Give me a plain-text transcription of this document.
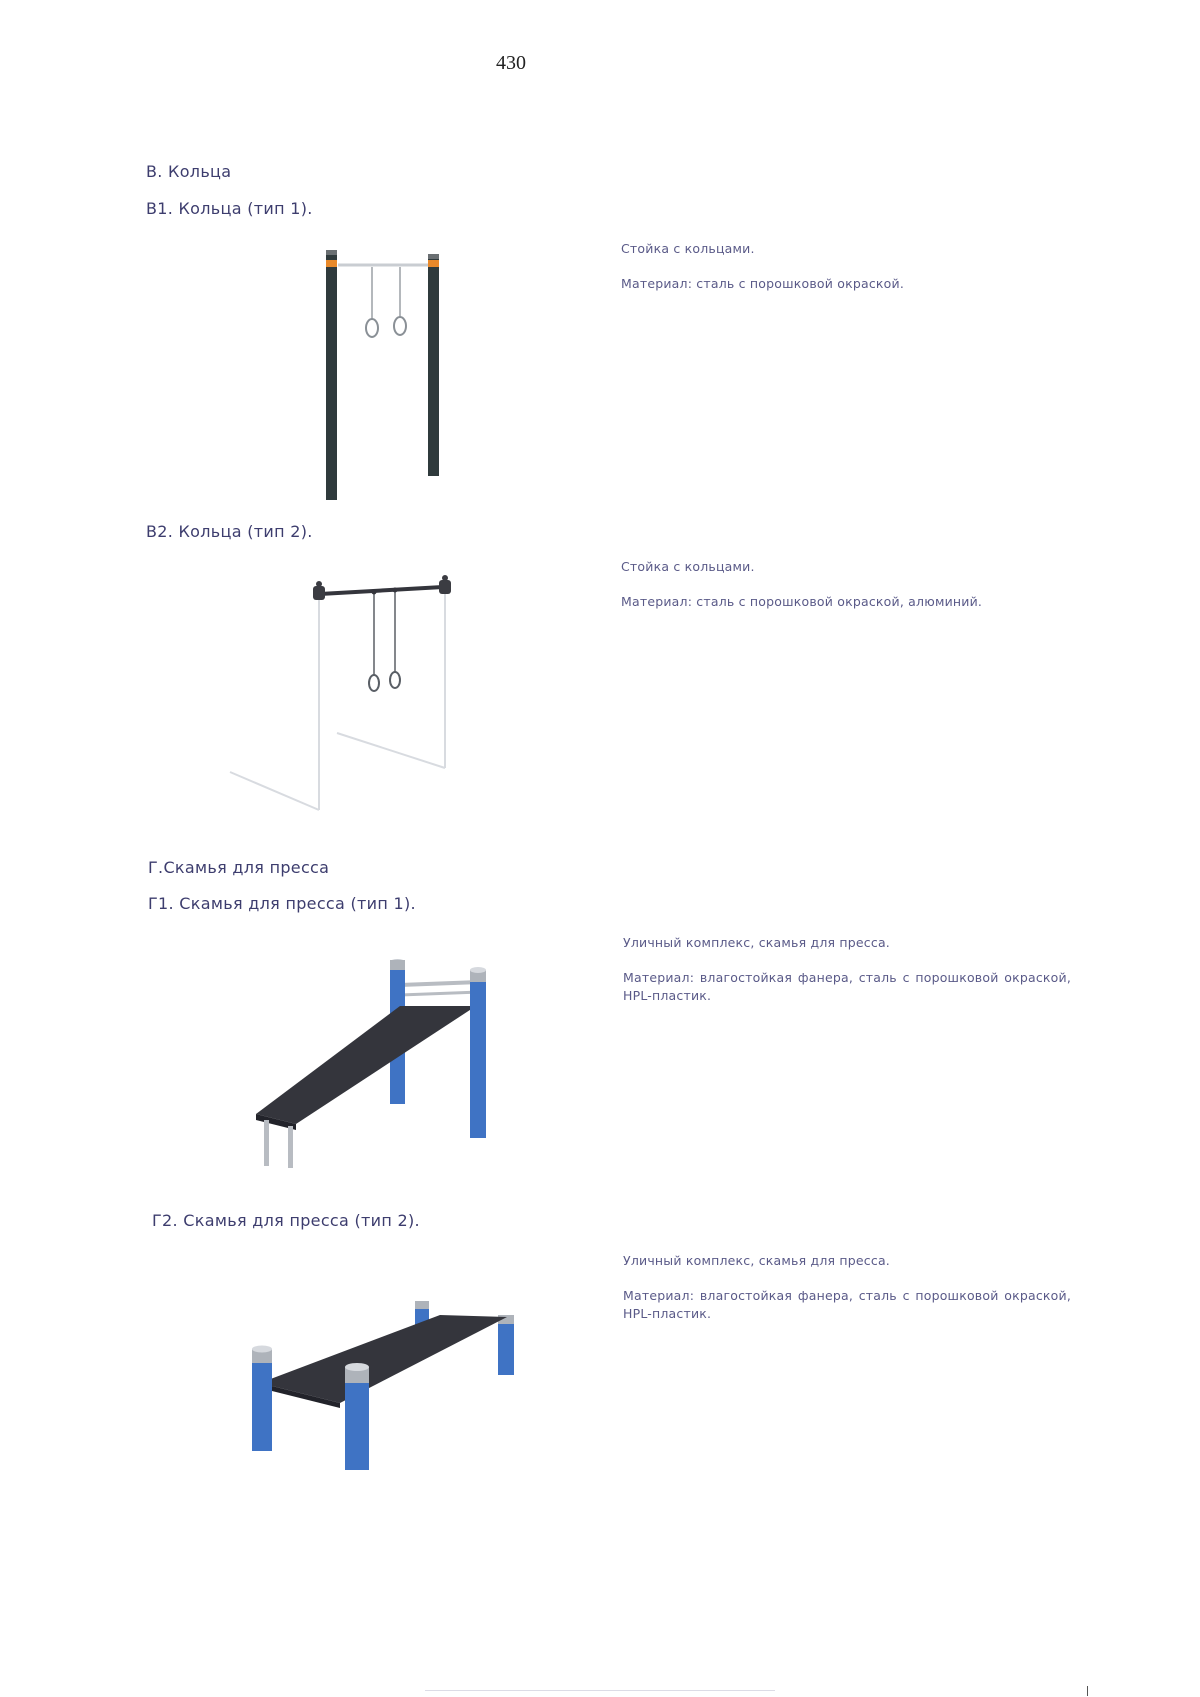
430
В. Кольца
В1. Кольца (тип 1).

Стойка с кольцами.

Материал: сталь с порошковой окраской.

В2. Кольца (тип 2).

Стойка с кольцами.

Материал: сталь с порошковой окраской, алюминий.

Г.Скамья для пресса
Г1. Скамья для пресса (тип 1).

Уличный комплекс, скамья для пресса.

Материал: влагостойкая фанера, сталь с порошковой окраской, HPL-пластик.

Г2. Скамья для пресса (тип 2).

Уличный комплекс, скамья для пресса.

Материал: влагостойкая фанера, сталь с порошковой окраской, HPL-пластик.
